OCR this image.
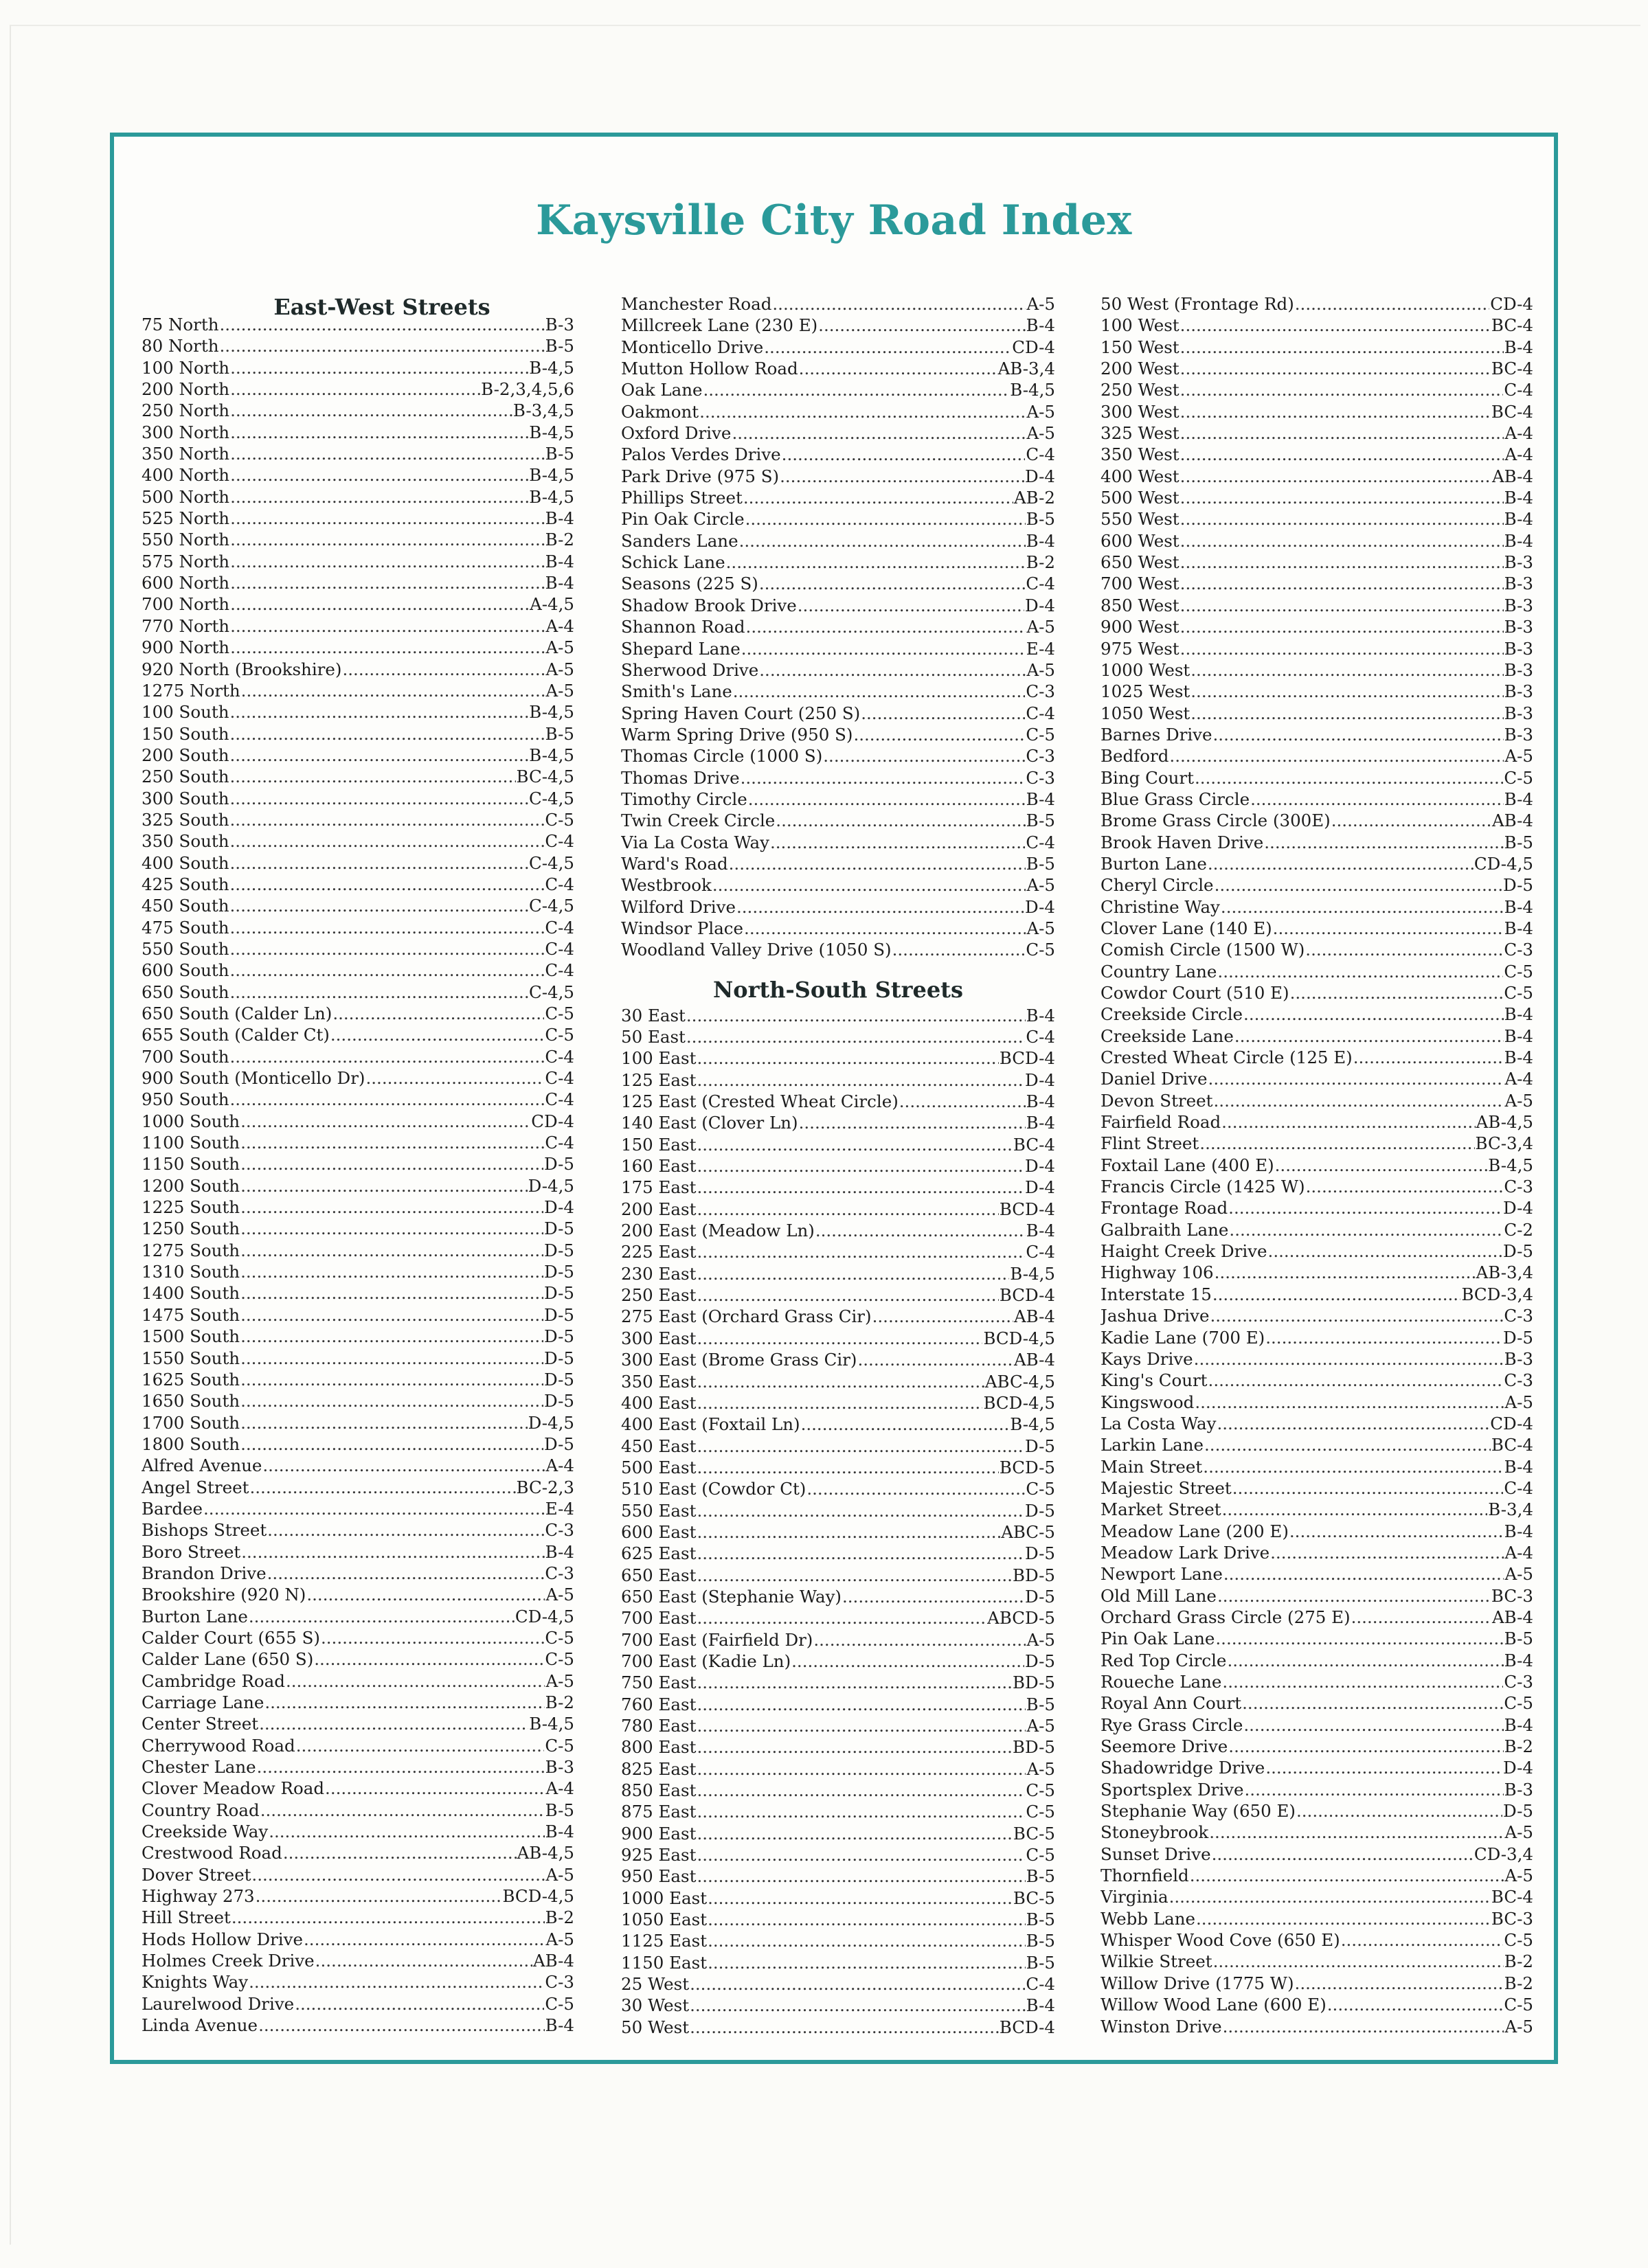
Kaysville City Road Index
East-West Streets
75 North .....	B-3
80 North .....	B-5
100 North .....	B-4,5
200 North .....	B-2,3,4,5,6
250 North .....	B-3,4,5
300 North .....	B-4,5
350 North .....	B-5
400 North .....	B-4,5
500 North .....	B-4,5
525 North .....	B-4
550 North .....	B-2
575 North .....	B-4
600 North .....	B-4
700 North .....	A-4,5
770 North .....	A-4
900 North .....	A-5
920 North (Brookshire) .....	A-5
1275 North .....	A-5
100 South .....	B-4,5
150 South .....	B-5
200 South .....	B-4,5
250 South .....	BC-4,5
300 South .....	C-4,5
325 South .....	C-5
350 South .....	C-4
400 South .....	C-4,5
425 South .....	C-4
450 South .....	C-4,5
475 South .....	C-4
550 South .....	C-4
600 South .....	C-4
650 South .....	C-4,5
650 South (Calder Ln) .....	C-5
655 South (Calder Ct) .....	C-5
700 South .....	C-4
900 South (Monticello Dr) .....	C-4
950 South .....	C-4
1000 South .....	CD-4
1100 South .....	C-4
1150 South .....	D-5
1200 South .....	D-4,5
1225 South .....	D-4
1250 South .....	D-5
1275 South .....	D-5
1310 South .....	D-5
1400 South .....	D-5
1475 South .....	D-5
1500 South .....	D-5
1550 South .....	D-5
1625 South .....	D-5
1650 South .....	D-5
1700 South .....	D-4,5
1800 South .....	D-5
Alfred Avenue .....	A-4
Angel Street .....	BC-2,3
Bardee .....	E-4
Bishops Street .....	C-3
Boro Street .....	B-4
Brandon Drive .....	C-3
Brookshire (920 N) .....	A-5
Burton Lane .....	CD-4,5
Calder Court (655 S) .....	C-5
Calder Lane (650 S) .....	C-5
Cambridge Road .....	A-5
Carriage Lane .....	B-2
Center Street .....	B-4,5
Cherrywood Road .....	C-5
Chester Lane .....	B-3
Clover Meadow Road .....	A-4
Country Road .....	B-5
Creekside Way .....	B-4
Crestwood Road .....	AB-4,5
Dover Street .....	A-5
Highway 273 .....	BCD-4,5
Hill Street .....	B-2
Hods Hollow Drive .....	A-5
Holmes Creek Drive .....	AB-4
Knights Way .....	C-3
Laurelwood Drive .....	C-5
Linda Avenue .....	B-4
Manchester Road .....	A-5
Millcreek Lane (230 E) .....	B-4
Monticello Drive .....	CD-4
Mutton Hollow Road .....	AB-3,4
Oak Lane .....	B-4,5
Oakmont .....	A-5
Oxford Drive .....	A-5
Palos Verdes Drive .....	C-4
Park Drive (975 S) .....	D-4
Phillips Street .....	AB-2
Pin Oak Circle .....	B-5
Sanders Lane .....	B-4
Schick Lane .....	B-2
Seasons (225 S) .....	C-4
Shadow Brook Drive .....	D-4
Shannon Road .....	A-5
Shepard Lane .....	E-4
Sherwood Drive .....	A-5
Smith's Lane .....	C-3
Spring Haven Court (250 S) .....	C-4
Warm Spring Drive (950 S) .....	C-5
Thomas Circle (1000 S) .....	C-3
Thomas Drive .....	C-3
Timothy Circle .....	B-4
Twin Creek Circle .....	B-5
Via La Costa Way .....	C-4
Ward's Road .....	B-5
Westbrook .....	A-5
Wilford Drive .....	D-4
Windsor Place .....	A-5
Woodland Valley Drive (1050 S) .....	C-5
North-South Streets
30 East .....	B-4
50 East .....	C-4
100 East .....	BCD-4
125 East .....	D-4
125 East (Crested Wheat Circle) .....	B-4
140 East (Clover Ln) .....	B-4
150 East .....	BC-4
160 East .....	D-4
175 East .....	D-4
200 East .....	BCD-4
200 East (Meadow Ln) .....	B-4
225 East .....	C-4
230 East .....	B-4,5
250 East .....	BCD-4
275 East (Orchard Grass Cir) .....	AB-4
300 East .....	BCD-4,5
300 East (Brome Grass Cir) .....	AB-4
350 East .....	ABC-4,5
400 East .....	BCD-4,5
400 East (Foxtail Ln) .....	B-4,5
450 East .....	D-5
500 East .....	BCD-5
510 East (Cowdor Ct) .....	C-5
550 East .....	D-5
600 East .....	ABC-5
625 East .....	D-5
650 East .....	BD-5
650 East (Stephanie Way) .....	D-5
700 East .....	ABCD-5
700 East (Fairfield Dr) .....	A-5
700 East (Kadie Ln) .....	D-5
750 East .....	BD-5
760 East .....	B-5
780 East .....	A-5
800 East .....	BD-5
825 East .....	A-5
850 East .....	C-5
875 East .....	C-5
900 East .....	BC-5
925 East .....	C-5
950 East .....	B-5
1000 East .....	BC-5
1050 East .....	B-5
1125 East .....	B-5
1150 East .....	B-5
25 West .....	C-4
30 West .....	B-4
50 West .....	BCD-4
50 West (Frontage Rd) .....	CD-4
100 West .....	BC-4
150 West .....	B-4
200 West .....	BC-4
250 West .....	C-4
300 West .....	BC-4
325 West .....	A-4
350 West .....	A-4
400 West .....	AB-4
500 West .....	B-4
550 West .....	B-4
600 West .....	B-4
650 West .....	B-3
700 West .....	B-3
850 West .....	B-3
900 West .....	B-3
975 West .....	B-3
1000 West .....	B-3
1025 West .....	B-3
1050 West .....	B-3
Barnes Drive .....	B-3
Bedford .....	A-5
Bing Court .....	C-5
Blue Grass Circle .....	B-4
Brome Grass Circle (300E) .....	AB-4
Brook Haven Drive .....	B-5
Burton Lane .....	CD-4,5
Cheryl Circle .....	D-5
Christine Way .....	B-4
Clover Lane (140 E) .....	B-4
Comish Circle (1500 W) .....	C-3
Country Lane .....	C-5
Cowdor Court (510 E) .....	C-5
Creekside Circle .....	B-4
Creekside Lane .....	B-4
Crested Wheat Circle (125 E) .....	B-4
Daniel Drive .....	A-4
Devon Street .....	A-5
Fairfield Road .....	AB-4,5
Flint Street .....	BC-3,4
Foxtail Lane (400 E) .....	B-4,5
Francis Circle (1425 W) .....	C-3
Frontage Road .....	D-4
Galbraith Lane .....	C-2
Haight Creek Drive .....	D-5
Highway 106 .....	AB-3,4
Interstate 15 .....	BCD-3,4
Jashua Drive .....	C-3
Kadie Lane (700 E) .....	D-5
Kays Drive .....	B-3
King's Court .....	C-3
Kingswood .....	A-5
La Costa Way .....	CD-4
Larkin Lane .....	BC-4
Main Street .....	B-4
Majestic Street .....	C-4
Market Street .....	B-3,4
Meadow Lane (200 E) .....	B-4
Meadow Lark Drive .....	A-4
Newport Lane .....	A-5
Old Mill Lane .....	BC-3
Orchard Grass Circle (275 E) .....	AB-4
Pin Oak Lane .....	B-5
Red Top Circle .....	B-4
Roueche Lane .....	C-3
Royal Ann Court .....	C-5
Rye Grass Circle .....	B-4
Seemore Drive .....	B-2
Shadowridge Drive .....	D-4
Sportsplex Drive .....	B-3
Stephanie Way (650 E) .....	D-5
Stoneybrook .....	A-5
Sunset Drive .....	CD-3,4
Thornfield .....	A-5
Virginia .....	BC-4
Webb Lane .....	BC-3
Whisper Wood Cove (650 E) .....	C-5
Wilkie Street .....	B-2
Willow Drive (1775 W) .....	B-2
Willow Wood Lane (600 E) .....	C-5
Winston Drive .....	A-5
